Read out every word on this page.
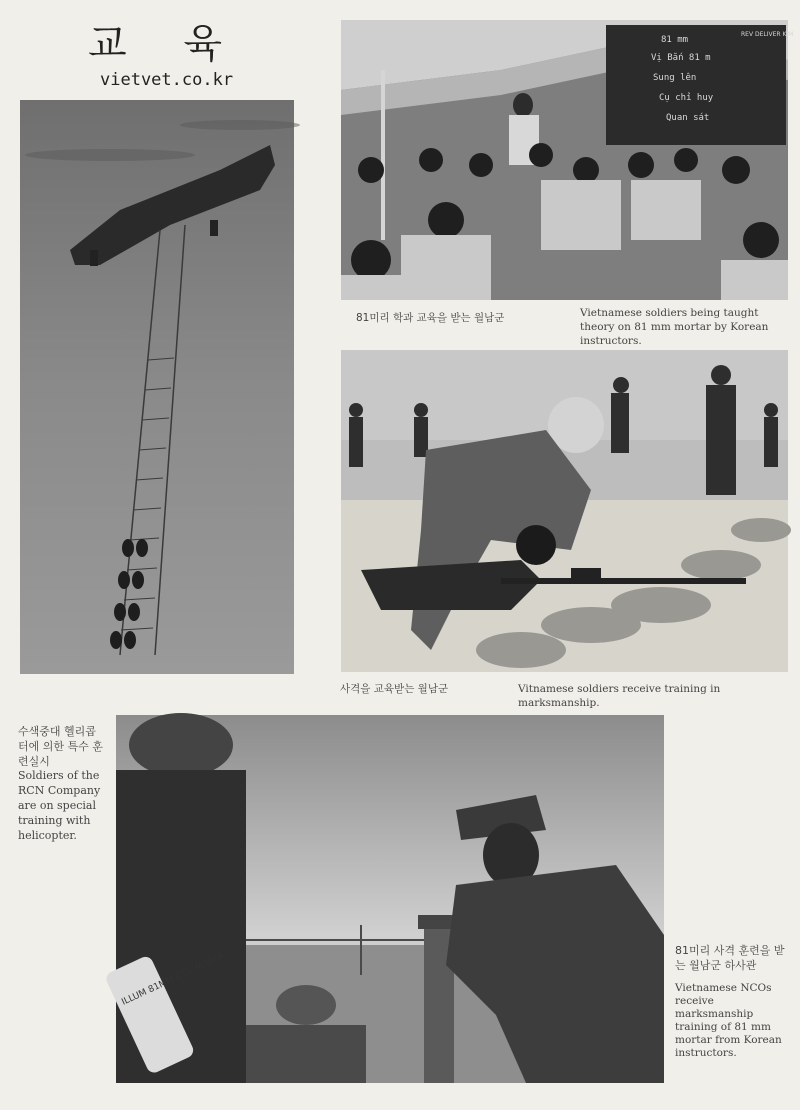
교 육
vietvet.co.kr
81 mm
Vị Bắn 81 m
Sung lên
Cụ chỉ huy
Quan sát
REV DELIVER KIM
81미리 학과 교육을 받는 월남군	Vietnamese soldiers being taught theory on 81 mm mortar by Korean instructors.
사격을 교육받는 월남군	Vitnamese soldiers receive training in marksmanship.
수색중대 헬리콥터에 의한 특수 훈련실시
Soldiers of the RCN Company are on special training with helicopter.
ILLUM 81MM CTG M301A
81미리 사격 훈련을 받는 월남군 하사관
Vietnamese NCOs receive marksmanship training of 81 mm mortar from Korean instructors.
